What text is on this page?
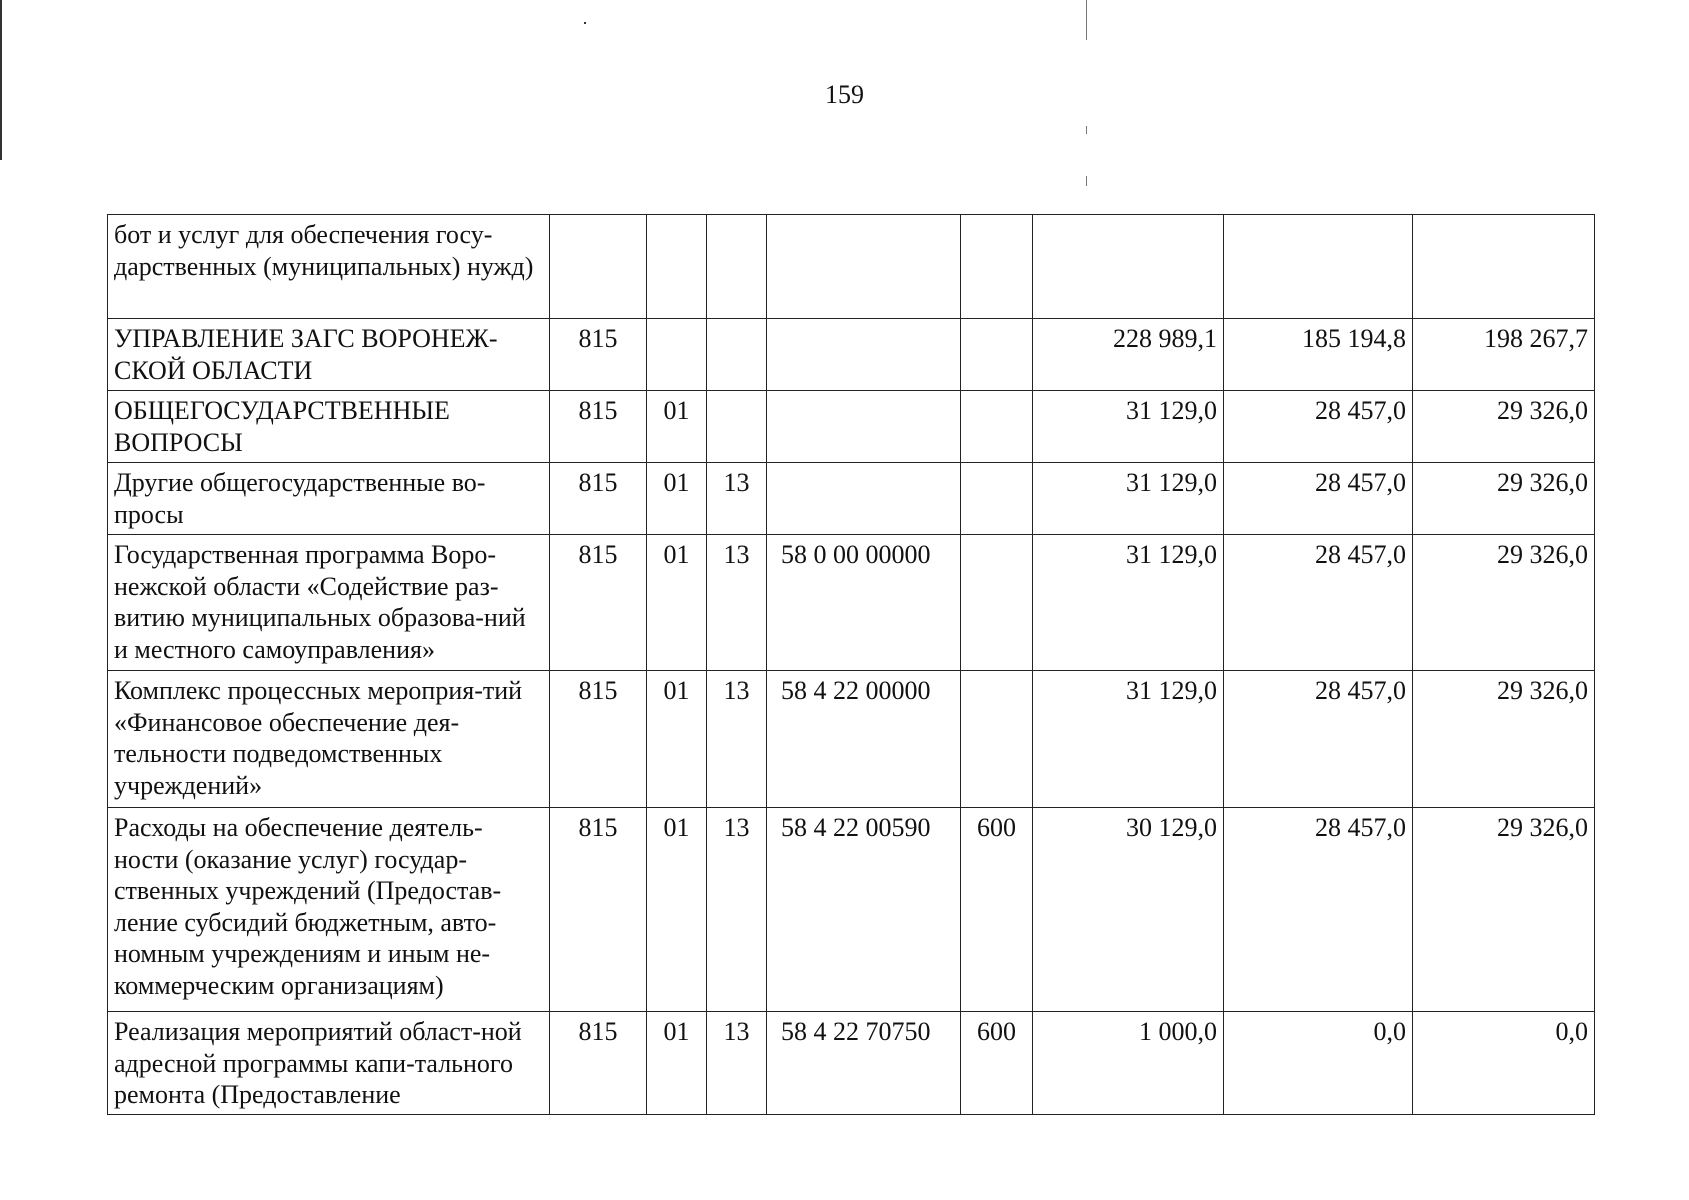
159
бот и услуг для обеспечения госу-дарственных (муниципальных) нужд)								
УПРАВЛЕНИЕ ЗАГС ВОРОНЕЖ-СКОЙ ОБЛАСТИ	815					228 989,1	185 194,8	198 267,7
ОБЩЕГОСУДАРСТВЕННЫЕ ВОПРОСЫ	815	01				31 129,0	28 457,0	29 326,0
Другие общегосударственные во-просы	815	01	13			31 129,0	28 457,0	29 326,0
Государственная программа Воро-нежской области «Содействие раз-витию муниципальных образова-ний и местного самоуправления»	815	01	13	58 0 00 00000		31 129,0	28 457,0	29 326,0
Комплекс процессных мероприя-тий «Финансовое обеспечение дея-тельности подведомственных учреждений»	815	01	13	58 4 22 00000		31 129,0	28 457,0	29 326,0
Расходы на обеспечение деятель-ности (оказание услуг) государ-ственных учреждений (Предостав-ление субсидий бюджетным, авто-номным учреждениям и иным не-коммерческим организациям)	815	01	13	58 4 22 00590	600	30 129,0	28 457,0	29 326,0
Реализация мероприятий област-ной адресной программы капи-тального ремонта (Предоставление	815	01	13	58 4 22 70750	600	1 000,0	0,0	0,0
